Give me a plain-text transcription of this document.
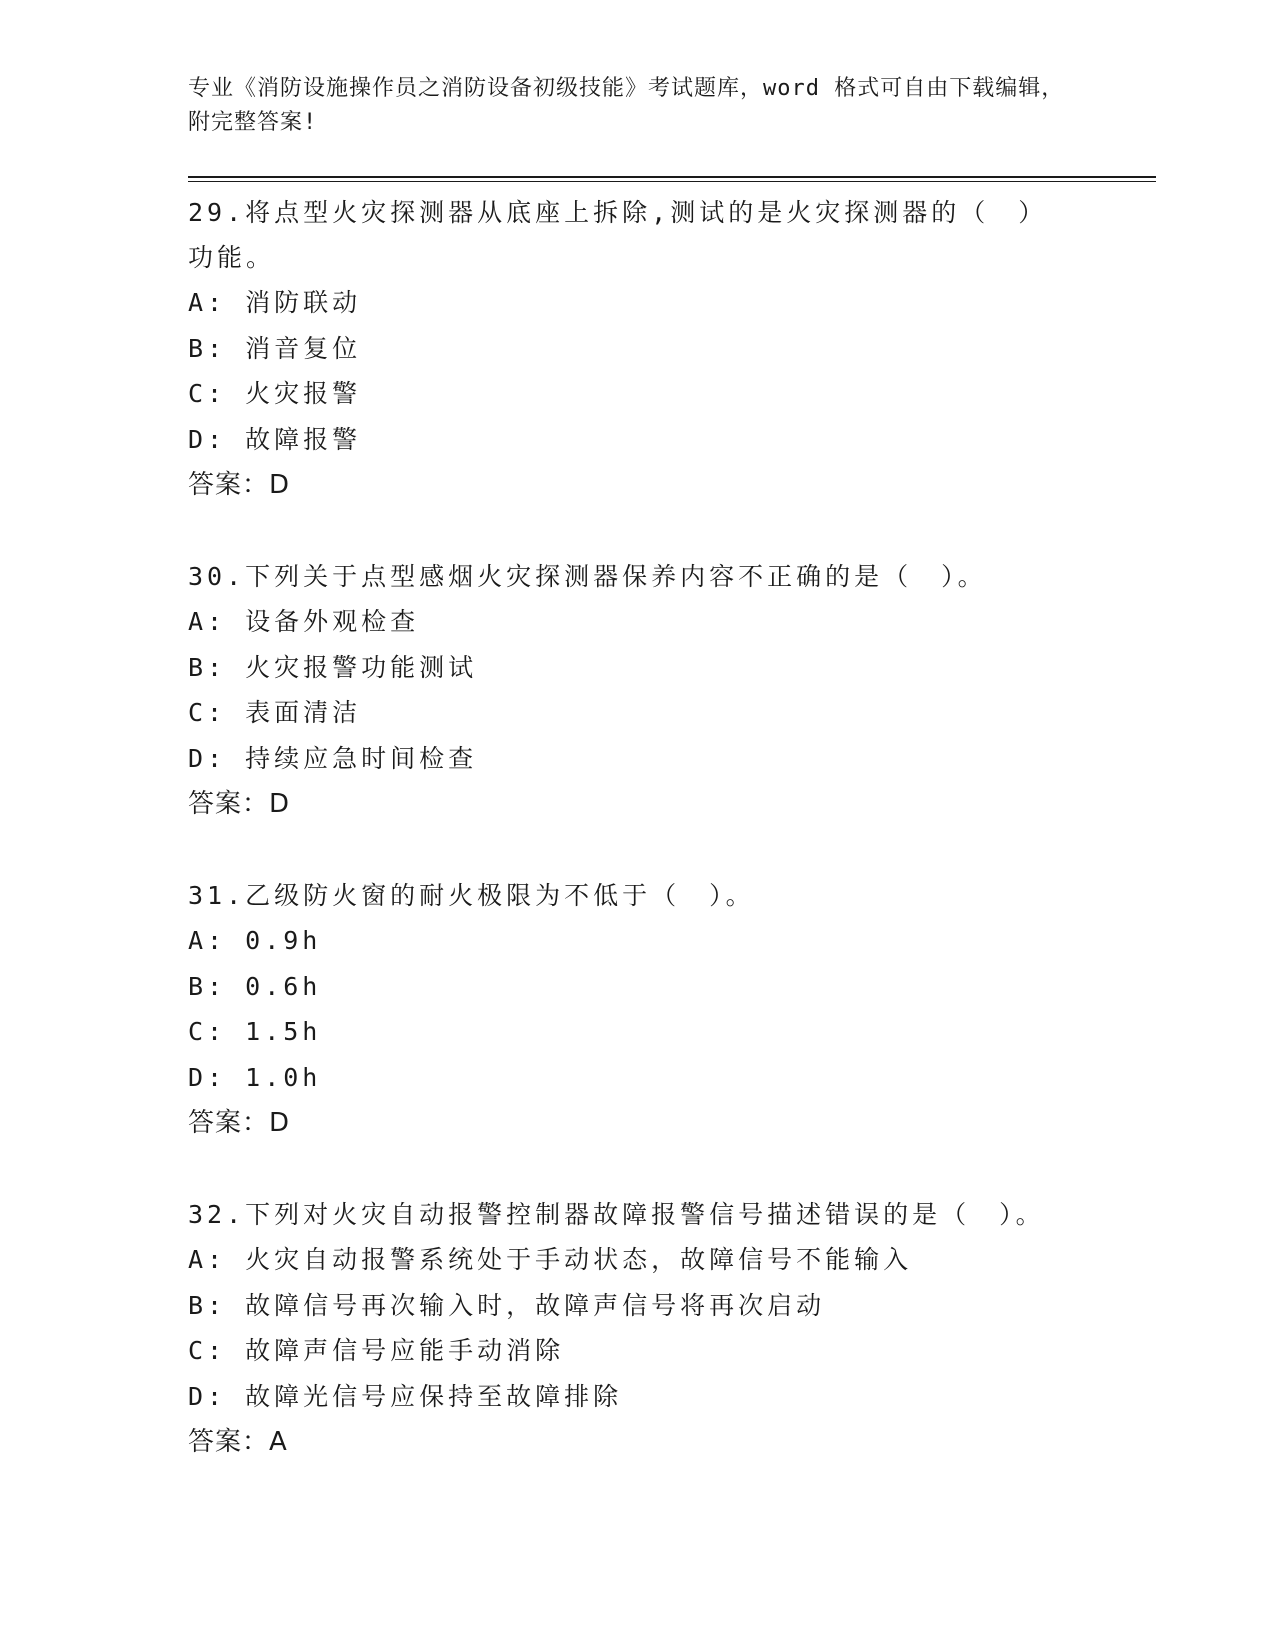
专业《消防设施操作员之消防设备初级技能》考试题库，word 格式可自由下载编辑，附完整答案!
29.将点型火灾探测器从底座上拆除,测试的是火灾探测器的（　）功能。
A: 消防联动
B: 消音复位
C: 火灾报警
D: 故障报警
答案：D
30.下列关于点型感烟火灾探测器保养内容不正确的是（　）。
A: 设备外观检查
B: 火灾报警功能测试
C: 表面清洁
D: 持续应急时间检查
答案：D
31.乙级防火窗的耐火极限为不低于（　）。
A: 0.9h
B: 0.6h
C: 1.5h
D: 1.0h
答案：D
32.下列对火灾自动报警控制器故障报警信号描述错误的是（　）。
A: 火灾自动报警系统处于手动状态，故障信号不能输入
B: 故障信号再次输入时，故障声信号将再次启动
C: 故障声信号应能手动消除
D: 故障光信号应保持至故障排除
答案：A
